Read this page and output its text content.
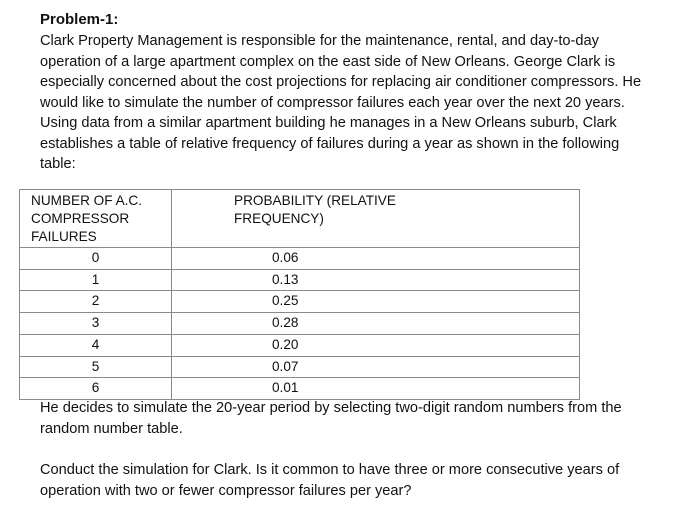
Problem-1:
Clark Property Management is responsible for the maintenance, rental, and day-to-day
operation of a large apartment complex on the east side of New Orleans. George Clark is
especially concerned about the cost projections for replacing air conditioner compressors. He
would like to simulate the number of compressor failures each year over the next 20 years.
Using data from a similar apartment building he manages in a New Orleans suburb, Clark
establishes a table of relative frequency of failures during a year as shown in the following
table:
NUMBER OF A.C. COMPRESSOR
FAILURES	PROBABILITY (RELATIVE
FREQUENCY)
0	0.06
1	0.13
2	0.25
3	0.28
4	0.20
5	0.07
6	0.01
He decides to simulate the 20-year period by selecting two-digit random numbers from the
random number table.
Conduct the simulation for Clark. Is it common to have three or more consecutive years of
operation with two or fewer compressor failures per year?
